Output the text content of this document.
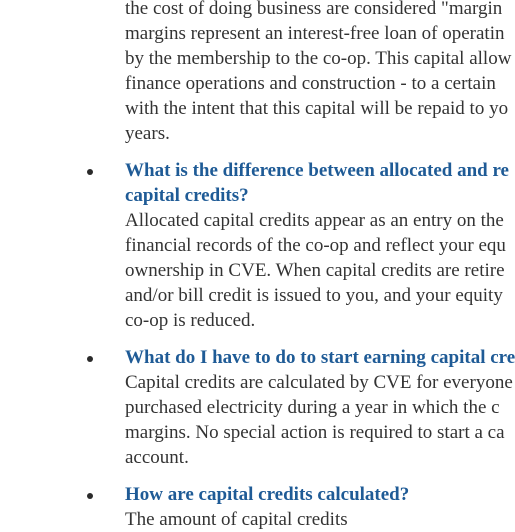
the cost of doing business are considered "margin

margins represent an interest-free loan of operatin

by the membership to the co-op. This capital allow

finance operations and construction - to a certain

with the intent that this capital will be repaid to yo

years.

What is the difference between allocated and re

capital credits?

Allocated capital credits appear as an entry on the

financial records of the co-op and reflect your equ

ownership in CVE. When capital credits are retire

and/or bill credit is issued to you, and your equity

co-op is reduced.

What do I have to do to start earning capital cre

Capital credits are calculated by CVE for everyone

purchased electricity during a year in which the c

margins. No special action is required to start a ca

account.

How are capital credits calculated?

The amount of capital credits
